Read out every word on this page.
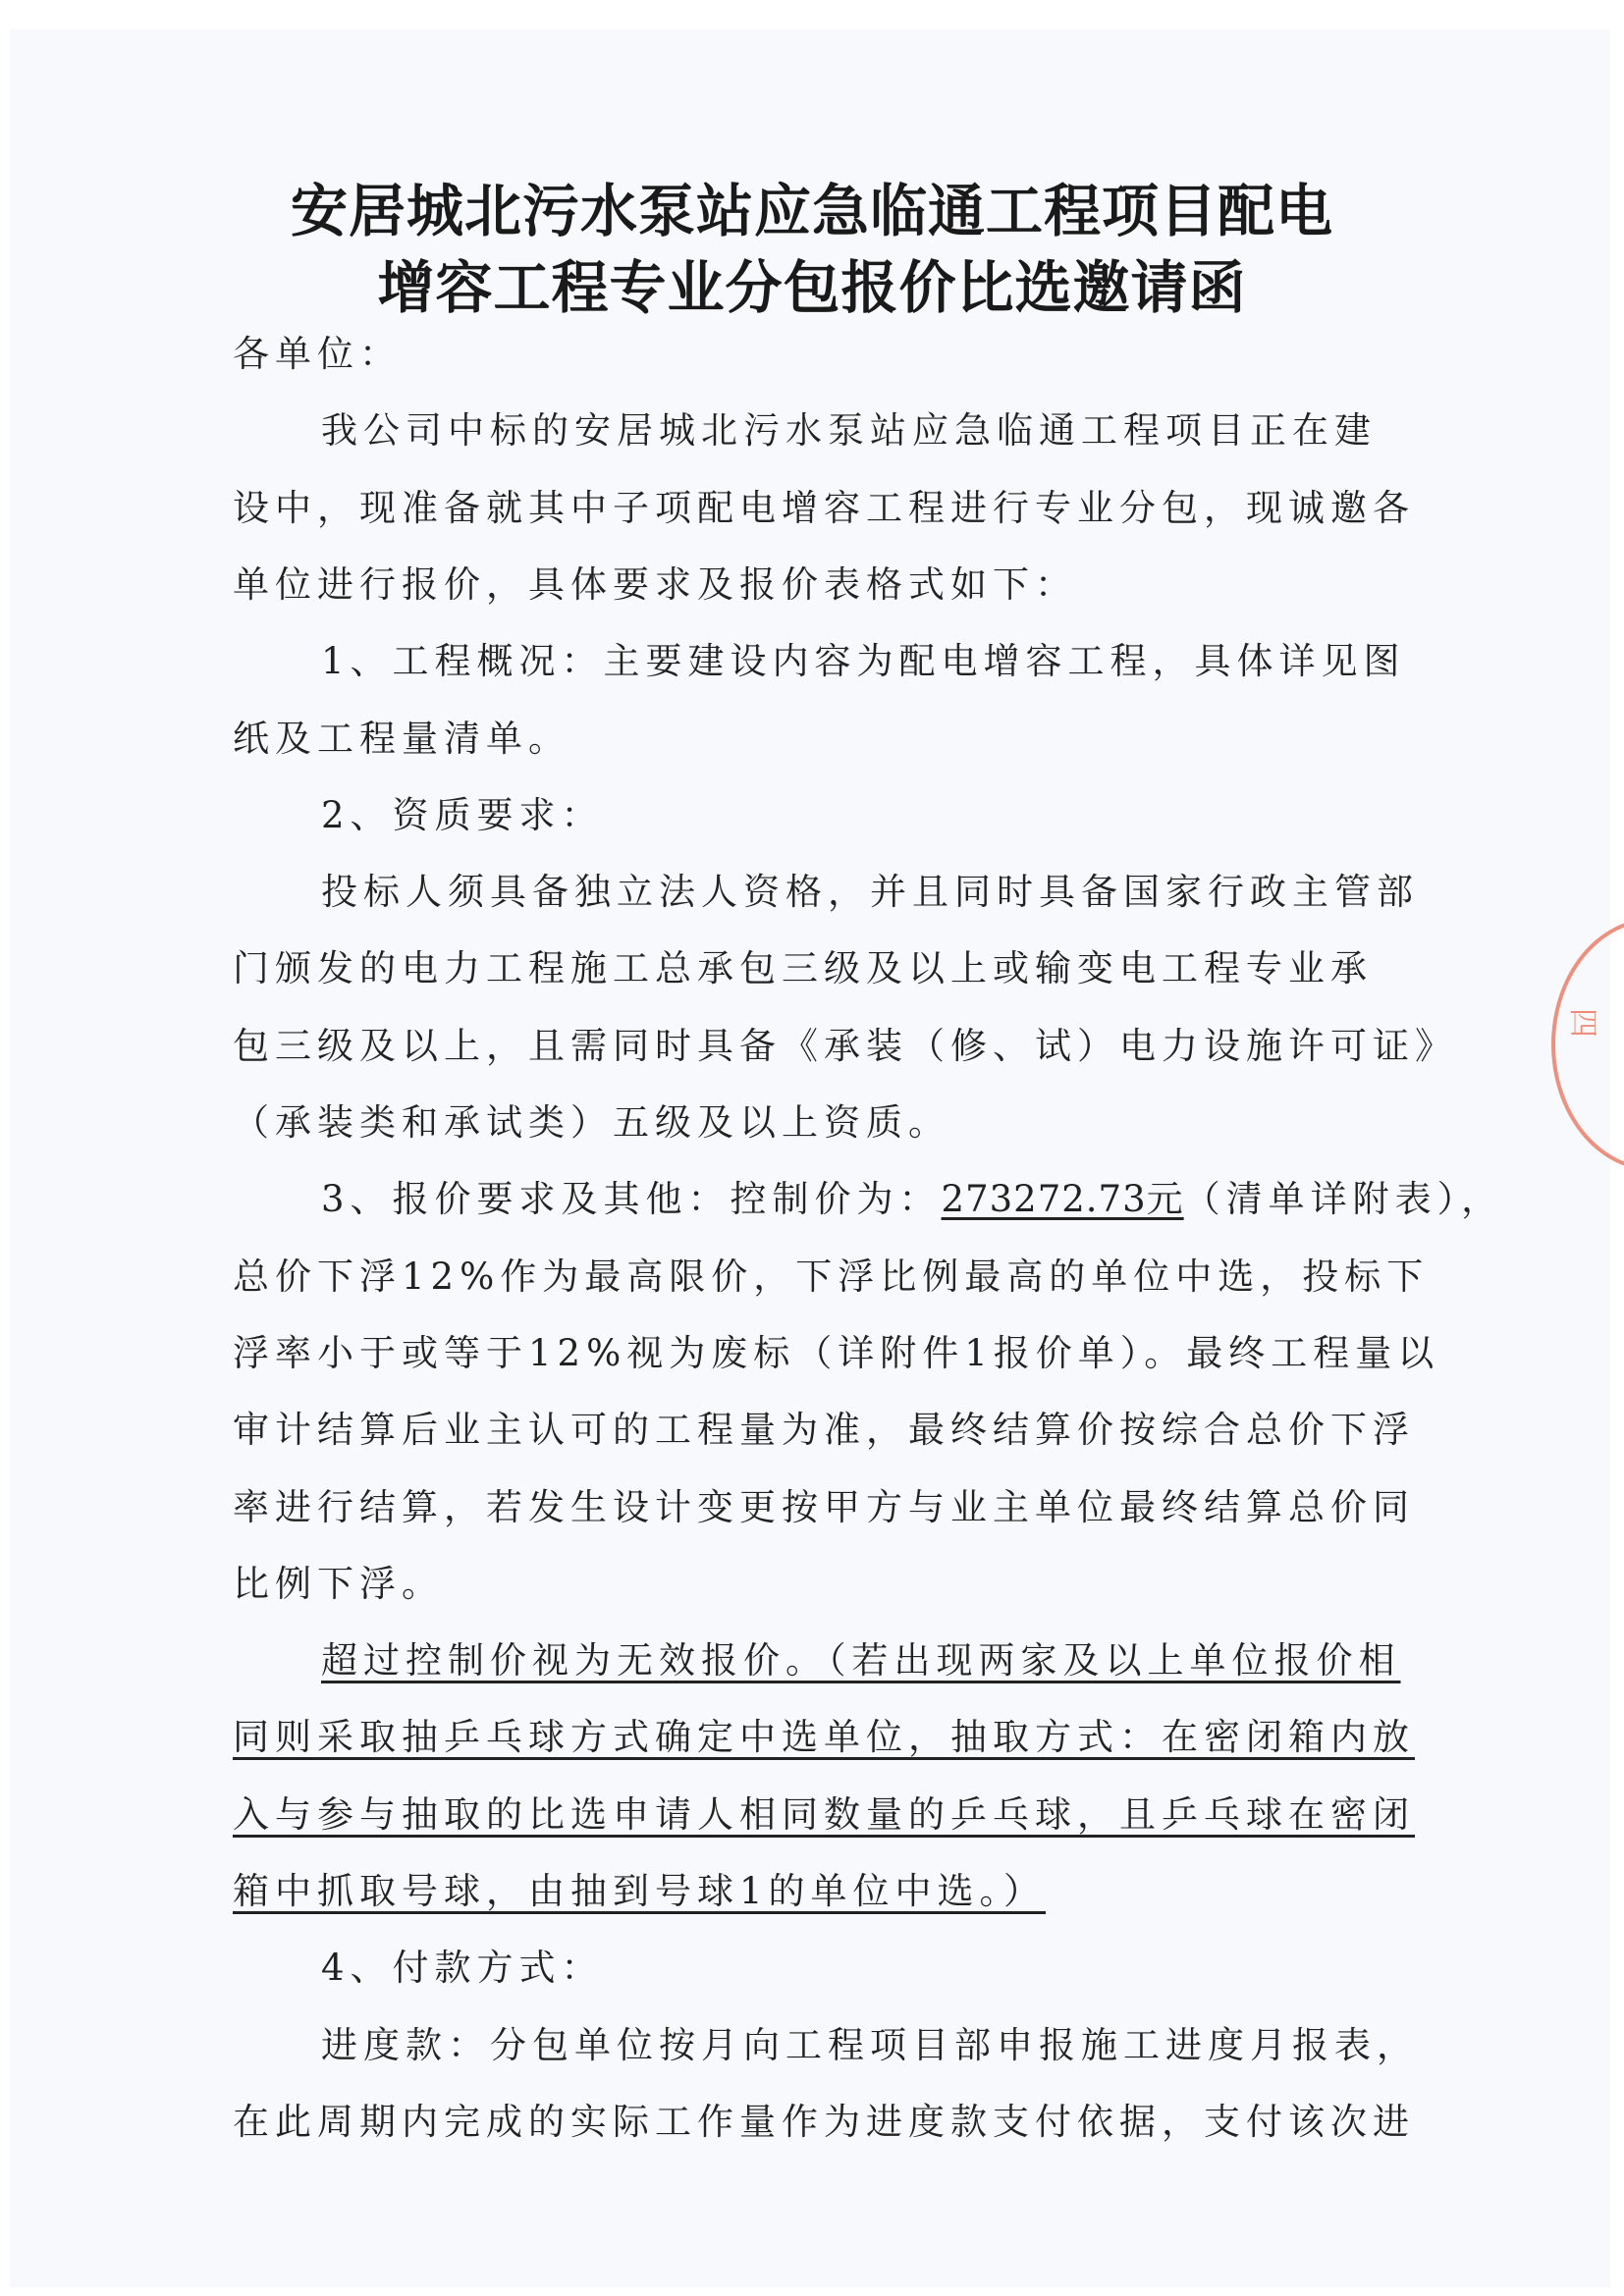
安居城北污水泵站应急临通工程项目配电
增容工程专业分包报价比选邀请函
各单位：
我公司中标的安居城北污水泵站应急临通工程项目正在建
设中，现准备就其中子项配电增容工程进行专业分包，现诚邀各
单位进行报价，具体要求及报价表格式如下：
1、工程概况：主要建设内容为配电增容工程，具体详见图
纸及工程量清单。
2、资质要求：
投标人须具备独立法人资格，并且同时具备国家行政主管部
门颁发的电力工程施工总承包三级及以上或输变电工程专业承
包三级及以上，且需同时具备《承装（修、试）电力设施许可证》
（承装类和承试类）五级及以上资质。
3、报价要求及其他：控制价为：273272.73元（清单详附表），
总价下浮12%作为最高限价，下浮比例最高的单位中选，投标下
浮率小于或等于12%视为废标（详附件1报价单）。最终工程量以
审计结算后业主认可的工程量为准，最终结算价按综合总价下浮
率进行结算，若发生设计变更按甲方与业主单位最终结算总价同
比例下浮。
超过控制价视为无效报价。（若出现两家及以上单位报价相
同则采取抽乒乓球方式确定中选单位，抽取方式：在密闭箱内放
入与参与抽取的比选申请人相同数量的乒乓球，且乒乓球在密闭
箱中抓取号球，由抽到号球1的单位中选。）
4、付款方式：
进度款：分包单位按月向工程项目部申报施工进度月报表，
在此周期内完成的实际工作量作为进度款支付依据，支付该次进
四
